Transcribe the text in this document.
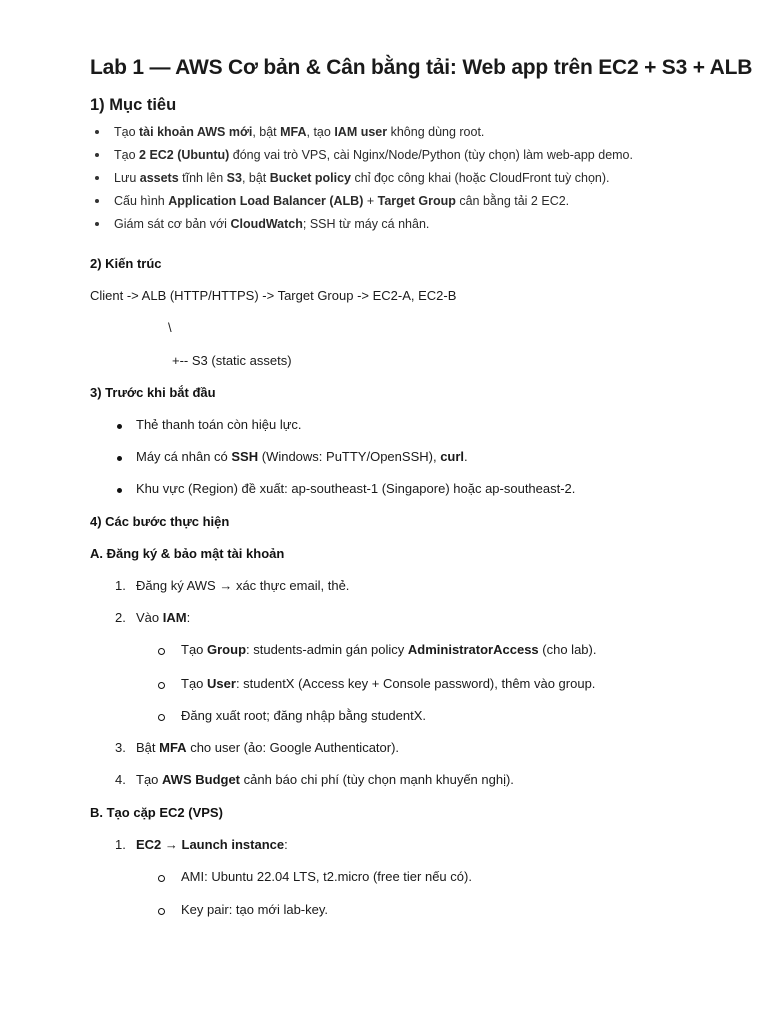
Lab 1 — AWS Cơ bản & Cân bằng tải: Web app trên EC2 + S3 + ALB
1) Mục tiêu
Tạo tài khoản AWS mới, bật MFA, tạo IAM user không dùng root.
Tạo 2 EC2 (Ubuntu) đóng vai trò VPS, cài Nginx/Node/Python (tùy chọn) làm web-app demo.
Lưu assets tĩnh lên S3, bật Bucket policy chỉ đọc công khai (hoặc CloudFront tuỳ chọn).
Cấu hình Application Load Balancer (ALB) + Target Group cân bằng tải 2 EC2.
Giám sát cơ bản với CloudWatch; SSH từ máy cá nhân.
2) Kiến trúc
Client -> ALB (HTTP/HTTPS) -> Target Group -> EC2-A, EC2-B
\
+-- S3 (static assets)
3) Trước khi bắt đầu
Thẻ thanh toán còn hiệu lực.
Máy cá nhân có SSH (Windows: PuTTY/OpenSSH), curl.
Khu vực (Region) đề xuất: ap-southeast-1 (Singapore) hoặc ap-southeast-2.
4) Các bước thực hiện
A. Đăng ký & bảo mật tài khoản
1. Đăng ký AWS → xác thực email, thẻ.
2. Vào IAM:
Tạo Group: students-admin gán policy AdministratorAccess (cho lab).
Tạo User: studentX (Access key + Console password), thêm vào group.
Đăng xuất root; đăng nhập bằng studentX.
3. Bật MFA cho user (ảo: Google Authenticator).
4. Tạo AWS Budget cảnh báo chi phí (tùy chọn mạnh khuyến nghị).
B. Tạo cặp EC2 (VPS)
1. EC2 → Launch instance:
AMI: Ubuntu 22.04 LTS, t2.micro (free tier nếu có).
Key pair: tạo mới lab-key.
